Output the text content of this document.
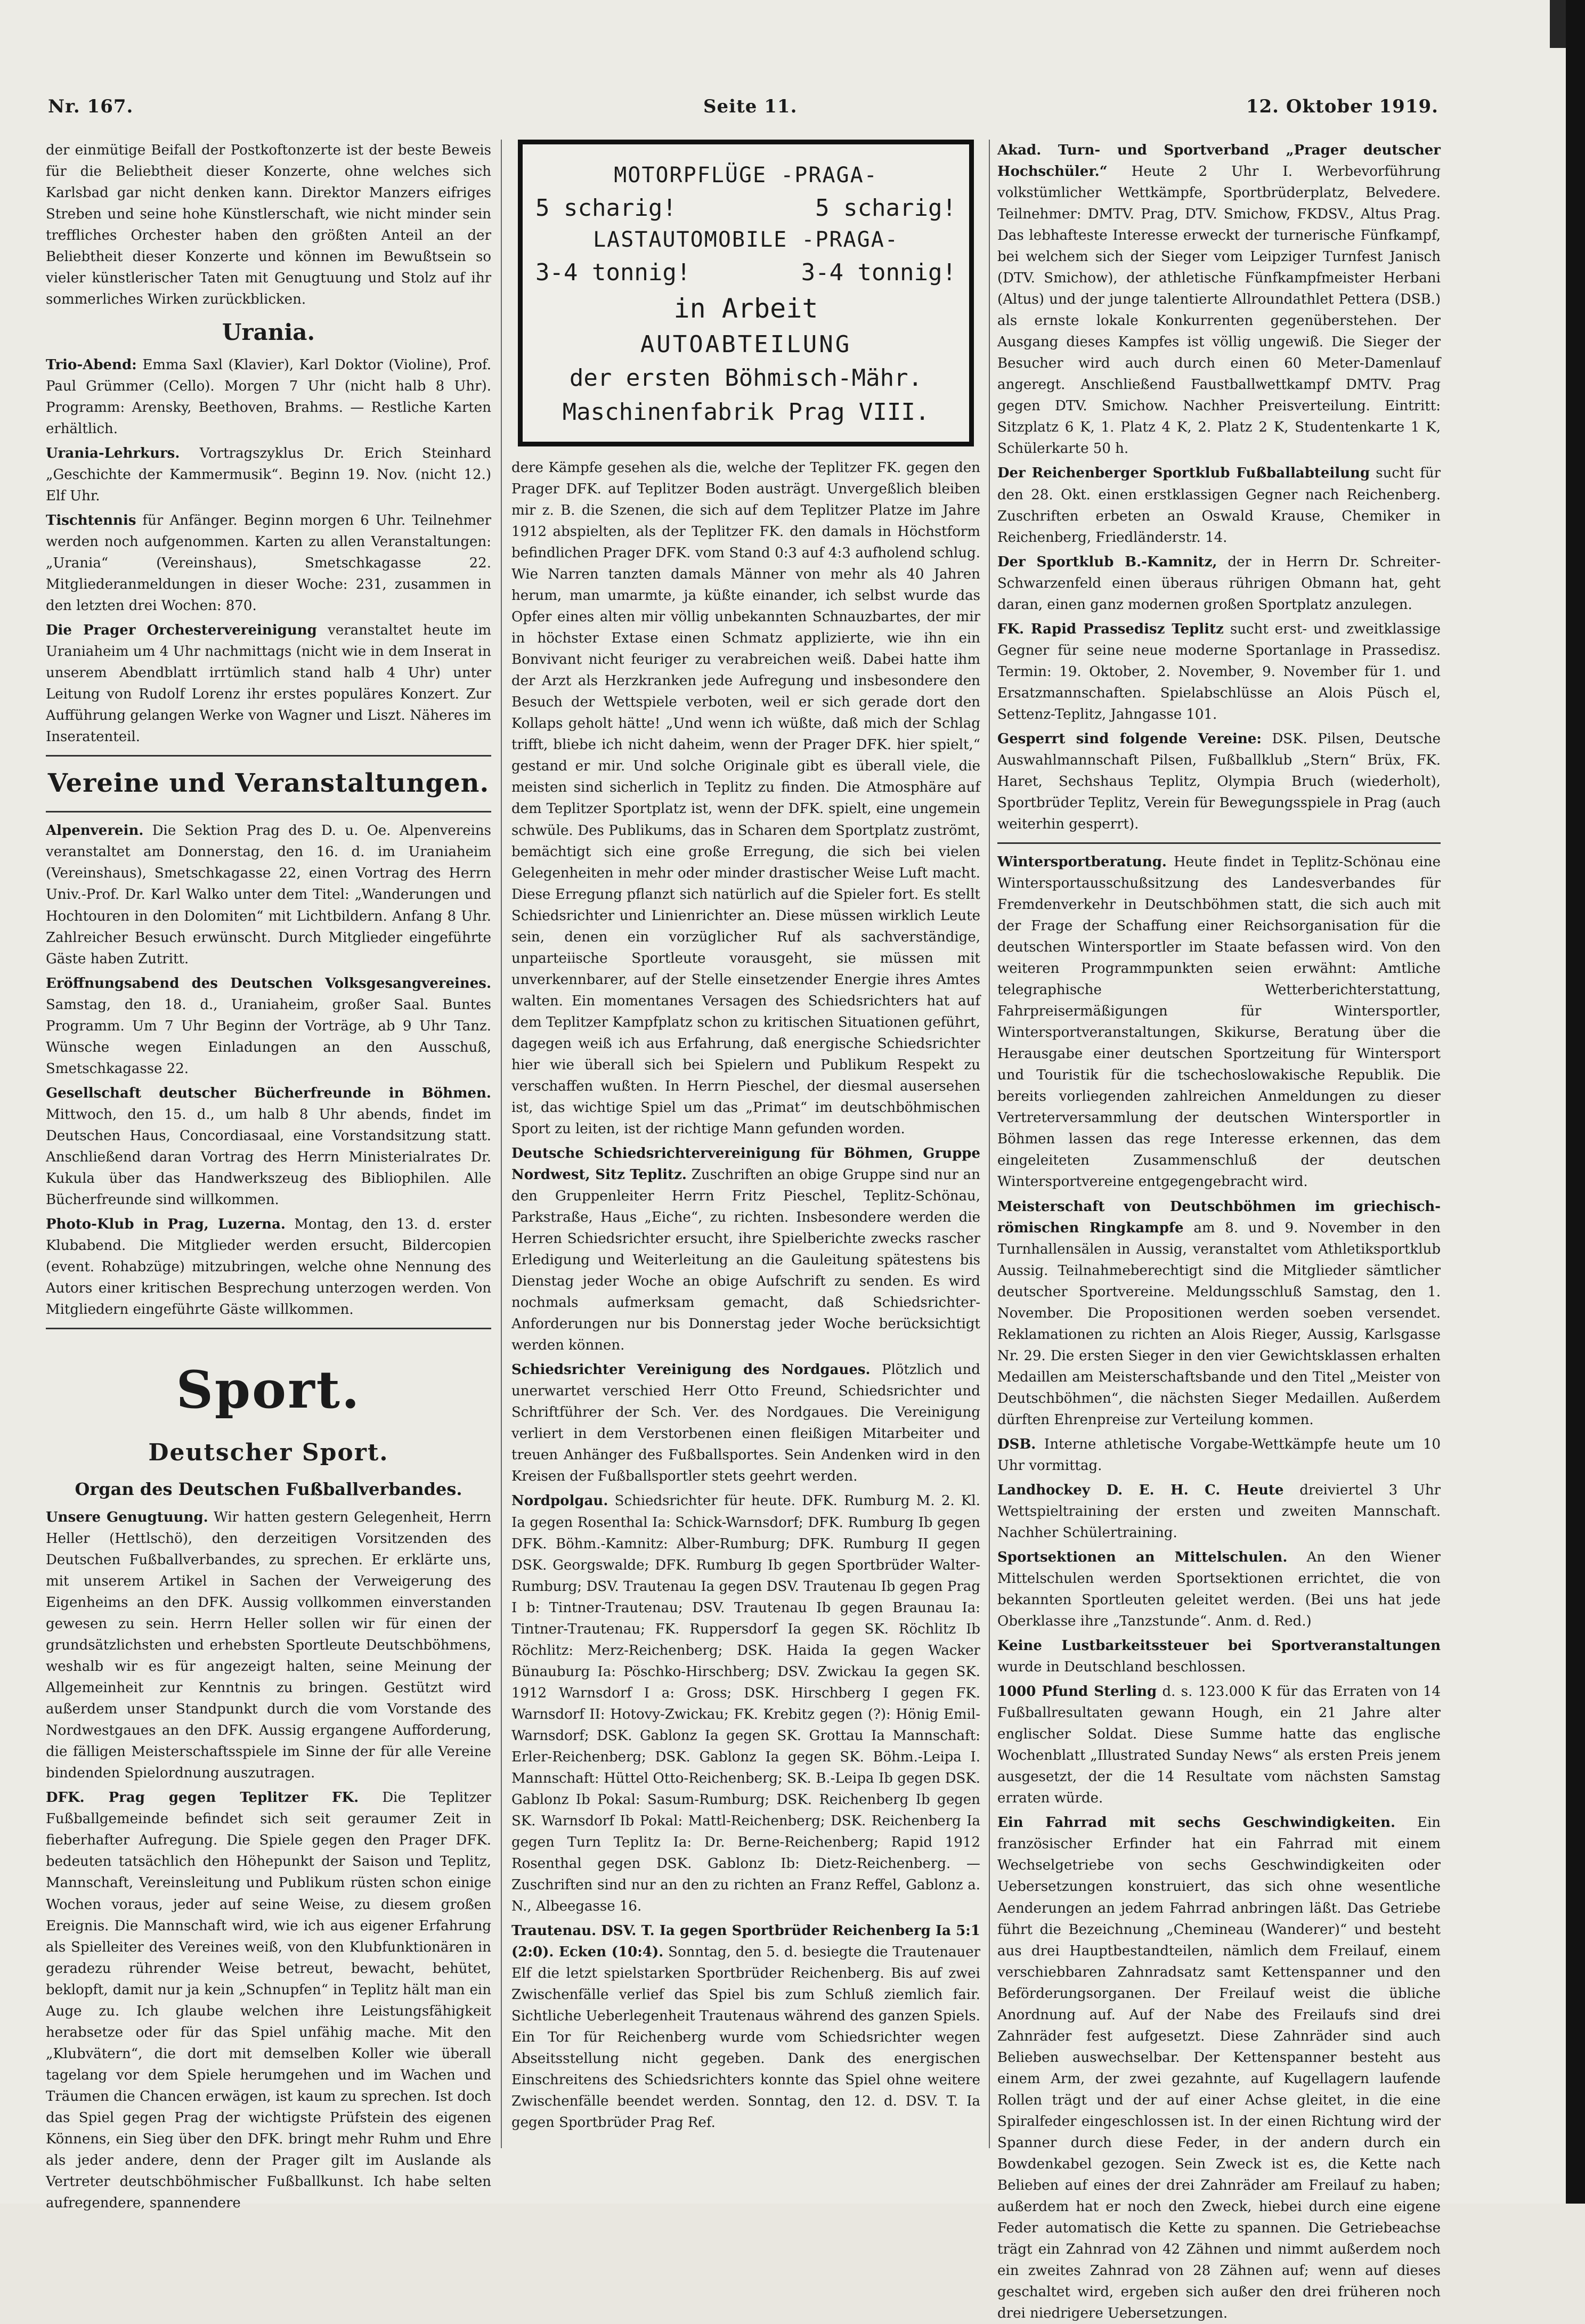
Nr. 167.	Seite 11.	12. Oktober 1919.

der einmütige Beifall der Postkoftonzerte ist der beste Beweis für die Beliebtheit dieser Konzerte, ohne welches sich Karlsbad gar nicht denken kann. Direktor Manzers eifriges Streben und seine hohe Künstlerschaft, wie nicht minder sein treffliches Orchester haben den größten Anteil an der Beliebtheit dieser Konzerte und können im Bewußtsein so vieler künstlerischer Taten mit Genugtuung und Stolz auf ihr sommerliches Wirken zurückblicken.

Urania.

Trio-Abend: Emma Saxl (Klavier), Karl Doktor (Violine), Prof. Paul Grümmer (Cello). Morgen 7 Uhr (nicht halb 8 Uhr). Programm: Arensky, Beethoven, Brahms. — Restliche Karten erhältlich.

Urania-Lehrkurs. Vortragszyklus Dr. Erich Steinhard „Geschichte der Kammermusik“. Beginn 19. Nov. (nicht 12.) Elf Uhr.

Tischtennis für Anfänger. Beginn morgen 6 Uhr. Teilnehmer werden noch aufgenommen. Karten zu allen Veranstaltungen: „Urania“ (Vereinshaus), Smetschkagasse 22. Mitgliederanmeldungen in dieser Woche: 231, zusammen in den letzten drei Wochen: 870.

Die Prager Orchestervereinigung veranstaltet heute im Uraniaheim um 4 Uhr nachmittags (nicht wie in dem Inserat in unserem Abendblatt irrtümlich stand halb 4 Uhr) unter Leitung von Rudolf Lorenz ihr erstes populäres Konzert. Zur Aufführung gelangen Werke von Wagner und Liszt. Näheres im Inseratenteil.

Vereine und Veranstaltungen.

Alpenverein. Die Sektion Prag des D. u. Oe. Alpenvereins veranstaltet am Donnerstag, den 16. d. im Uraniaheim (Vereinshaus), Smetschkagasse 22, einen Vortrag des Herrn Univ.-Prof. Dr. Karl Walko unter dem Titel: „Wanderungen und Hochtouren in den Dolomiten“ mit Lichtbildern. Anfang 8 Uhr. Zahlreicher Besuch erwünscht. Durch Mitglieder eingeführte Gäste haben Zutritt.

Eröffnungsabend des Deutschen Volksgesangvereines. Samstag, den 18. d., Uraniaheim, großer Saal. Buntes Programm. Um 7 Uhr Beginn der Vorträge, ab 9 Uhr Tanz. Wünsche wegen Einladungen an den Ausschuß, Smetschkagasse 22.

Gesellschaft deutscher Bücherfreunde in Böhmen. Mittwoch, den 15. d., um halb 8 Uhr abends, findet im Deutschen Haus, Concordiasaal, eine Vorstandsitzung statt. Anschließend daran Vortrag des Herrn Ministerialrates Dr. Kukula über das Handwerkszeug des Bibliophilen. Alle Bücherfreunde sind willkommen.

Photo-Klub in Prag, Luzerna. Montag, den 13. d. erster Klubabend. Die Mitglieder werden ersucht, Bildercopien (event. Rohabzüge) mitzubringen, welche ohne Nennung des Autors einer kritischen Besprechung unterzogen werden. Von Mitgliedern eingeführte Gäste willkommen.

Sport.
Deutscher Sport.
Organ des Deutschen Fußballverbandes.

Unsere Genugtuung. Wir hatten gestern Gelegenheit, Herrn Heller (Hettlschö), den derzeitigen Vorsitzenden des Deutschen Fußballverbandes, zu sprechen. Er erklärte uns, mit unserem Artikel in Sachen der Verweigerung des Eigenheims an den DFK. Aussig vollkommen einverstanden gewesen zu sein. Herrn Heller sollen wir für einen der grundsätzlichsten und erhebsten Sportleute Deutschböhmens, weshalb wir es für angezeigt halten, seine Meinung der Allgemeinheit zur Kenntnis zu bringen. Gestützt wird außerdem unser Standpunkt durch die vom Vorstande des Nordwestgaues an den DFK. Aussig ergangene Aufforderung, die fälligen Meisterschaftsspiele im Sinne der für alle Vereine bindenden Spielordnung auszutragen.

DFK. Prag gegen Teplitzer FK. Die Teplitzer Fußballgemeinde befindet sich seit geraumer Zeit in fieberhafter Aufregung. Die Spiele gegen den Prager DFK. bedeuten tatsächlich den Höhepunkt der Saison und Teplitz, Mannschaft, Vereinsleitung und Publikum rüsten schon einige Wochen voraus, jeder auf seine Weise, zu diesem großen Ereignis. Die Mannschaft wird, wie ich aus eigener Erfahrung als Spielleiter des Vereines weiß, von den Klubfunktionären in geradezu rührender Weise betreut, bewacht, behütet, beklopft, damit nur ja kein „Schnupfen“ in Teplitz hält man ein Auge zu. Ich glaube welchen ihre Leistungsfähigkeit herabsetze oder für das Spiel unfähig mache. Mit den „Klubvätern“, die dort mit demselben Koller wie überall tagelang vor dem Spiele herumgehen und im Wachen und Träumen die Chancen erwägen, ist kaum zu sprechen. Ist doch das Spiel gegen Prag der wichtigste Prüfstein des eigenen Könnens, ein Sieg über den DFK. bringt mehr Ruhm und Ehre als jeder andere, denn der Prager gilt im Auslande als Vertreter deutschböhmischer Fußballkunst. Ich habe selten aufregendere, spannendere

MOTORPFLÜGE -PRAGA-
5 scharig!	5 scharig!
LASTAUTOMOBILE -PRAGA-
3-4 tonnig!	3-4 tonnig!
in Arbeit
AUTOABTEILUNG
der ersten Böhmisch-Mähr.
Maschinenfabrik Prag VIII.

dere Kämpfe gesehen als die, welche der Teplitzer FK. gegen den Prager DFK. auf Teplitzer Boden austrägt. Unvergeßlich bleiben mir z. B. die Szenen, die sich auf dem Teplitzer Platze im Jahre 1912 abspielten, als der Teplitzer FK. den damals in Höchstform befindlichen Prager DFK. vom Stand 0:3 auf 4:3 aufholend schlug. Wie Narren tanzten damals Männer von mehr als 40 Jahren herum, man umarmte, ja küßte einander, ich selbst wurde das Opfer eines alten mir völlig unbekannten Schnauzbartes, der mir in höchster Extase einen Schmatz applizierte, wie ihn ein Bonvivant nicht feuriger zu verabreichen weiß. Dabei hatte ihm der Arzt als Herzkranken jede Aufregung und insbesondere den Besuch der Wettspiele verboten, weil er sich gerade dort den Kollaps geholt hätte! „Und wenn ich wüßte, daß mich der Schlag trifft, bliebe ich nicht daheim, wenn der Prager DFK. hier spielt,“ gestand er mir. Und solche Originale gibt es überall viele, die meisten sind sicherlich in Teplitz zu finden. Die Atmosphäre auf dem Teplitzer Sportplatz ist, wenn der DFK. spielt, eine ungemein schwüle. Des Publikums, das in Scharen dem Sportplatz zuströmt, bemächtigt sich eine große Erregung, die sich bei vielen Gelegenheiten in mehr oder minder drastischer Weise Luft macht. Diese Erregung pflanzt sich natürlich auf die Spieler fort. Es stellt Schiedsrichter und Linienrichter an. Diese müssen wirklich Leute sein, denen ein vorzüglicher Ruf als sachverständige, unparteiische Sportleute vorausgeht, sie müssen mit unverkennbarer, auf der Stelle einsetzender Energie ihres Amtes walten. Ein momentanes Versagen des Schiedsrichters hat auf dem Teplitzer Kampfplatz schon zu kritischen Situationen geführt, dagegen weiß ich aus Erfahrung, daß energische Schiedsrichter hier wie überall sich bei Spielern und Publikum Respekt zu verschaffen wußten. In Herrn Pieschel, der diesmal ausersehen ist, das wichtige Spiel um das „Primat“ im deutschböhmischen Sport zu leiten, ist der richtige Mann gefunden worden.

Deutsche Schiedsrichtervereinigung für Böhmen, Gruppe Nordwest, Sitz Teplitz. Zuschriften an obige Gruppe sind nur an den Gruppenleiter Herrn Fritz Pieschel, Teplitz-Schönau, Parkstraße, Haus „Eiche“, zu richten. Insbesondere werden die Herren Schiedsrichter ersucht, ihre Spielberichte zwecks rascher Erledigung und Weiterleitung an die Gauleitung spätestens bis Dienstag jeder Woche an obige Aufschrift zu senden. Es wird nochmals aufmerksam gemacht, daß Schiedsrichter-Anforderungen nur bis Donnerstag jeder Woche berücksichtigt werden können.

Schiedsrichter Vereinigung des Nordgaues. Plötzlich und unerwartet verschied Herr Otto Freund, Schiedsrichter und Schriftführer der Sch. Ver. des Nordgaues. Die Vereinigung verliert in dem Verstorbenen einen fleißigen Mitarbeiter und treuen Anhänger des Fußballsportes. Sein Andenken wird in den Kreisen der Fußballsportler stets geehrt werden.

Nordpolgau. Schiedsrichter für heute. DFK. Rumburg M. 2. Kl. Ia gegen Rosenthal Ia: Schick-Warnsdorf; DFK. Rumburg Ib gegen DFK. Böhm.-Kamnitz: Alber-Rumburg; DFK. Rumburg II gegen DSK. Georgswalde; DFK. Rumburg Ib gegen Sportbrüder Walter-Rumburg; DSV. Trautenau Ia gegen DSV. Trautenau Ib gegen Prag I b: Tintner-Trautenau; DSV. Trautenau Ib gegen Braunau Ia: Tintner-Trautenau; FK. Ruppersdorf Ia gegen SK. Röchlitz Ib Röchlitz: Merz-Reichenberg; DSK. Haida Ia gegen Wacker Bünauburg Ia: Pöschko-Hirschberg; DSV. Zwickau Ia gegen SK. 1912 Warnsdorf I a: Gross; DSK. Hirschberg I gegen FK. Warnsdorf II: Hotovy-Zwickau; FK. Krebitz gegen (?): Hönig Emil-Warnsdorf; DSK. Gablonz Ia gegen SK. Grottau Ia Mannschaft: Erler-Reichenberg; DSK. Gablonz Ia gegen SK. Böhm.-Leipa I. Mannschaft: Hüttel Otto-Reichenberg; SK. B.-Leipa Ib gegen DSK. Gablonz Ib Pokal: Sasum-Rumburg; DSK. Reichenberg Ib gegen SK. Warnsdorf Ib Pokal: Mattl-Reichenberg; DSK. Reichenberg Ia gegen Turn Teplitz Ia: Dr. Berne-Reichenberg; Rapid 1912 Rosenthal gegen DSK. Gablonz Ib: Dietz-Reichenberg. — Zuschriften sind nur an den zu richten an Franz Reffel, Gablonz a. N., Albeegasse 16.

Trautenau. DSV. T. Ia gegen Sportbrüder Reichenberg Ia 5:1 (2:0). Ecken (10:4). Sonntag, den 5. d. besiegte die Trautenauer Elf die letzt spielstarken Sportbrüder Reichenberg. Bis auf zwei Zwischenfälle verlief das Spiel bis zum Schluß ziemlich fair. Sichtliche Ueberlegenheit Trautenaus während des ganzen Spiels. Ein Tor für Reichenberg wurde vom Schiedsrichter wegen Abseitsstellung nicht gegeben. Dank des energischen Einschreitens des Schiedsrichters konnte das Spiel ohne weitere Zwischenfälle beendet werden. Sonntag, den 12. d. DSV. T. Ia gegen Sportbrüder Prag Ref.

Akad. Turn- und Sportverband „Prager deutscher Hochschüler.“ Heute 2 Uhr I. Werbevorführung volkstümlicher Wettkämpfe, Sportbrüderplatz, Belvedere. Teilnehmer: DMTV. Prag, DTV. Smichow, FKDSV., Altus Prag. Das lebhafteste Interesse erweckt der turnerische Fünfkampf, bei welchem sich der Sieger vom Leipziger Turnfest Janisch (DTV. Smichow), der athletische Fünfkampfmeister Herbani (Altus) und der junge talentierte Allroundathlet Pettera (DSB.) als ernste lokale Konkurrenten gegenüberstehen. Der Ausgang dieses Kampfes ist völlig ungewiß. Die Sieger der Besucher wird auch durch einen 60 Meter-Damenlauf angeregt. Anschließend Faustballwettkampf DMTV. Prag gegen DTV. Smichow. Nachher Preisverteilung. Eintritt: Sitzplatz 6 K, 1. Platz 4 K, 2. Platz 2 K, Studentenkarte 1 K, Schülerkarte 50 h.

Der Reichenberger Sportklub Fußballabteilung sucht für den 28. Okt. einen erstklassigen Gegner nach Reichenberg. Zuschriften erbeten an Oswald Krause, Chemiker in Reichenberg, Friedländerstr. 14.

Der Sportklub B.-Kamnitz, der in Herrn Dr. Schreiter-Schwarzenfeld einen überaus rührigen Obmann hat, geht daran, einen ganz modernen großen Sportplatz anzulegen.

FK. Rapid Prassedisz Teplitz sucht erst- und zweitklassige Gegner für seine neue moderne Sportanlage in Prassedisz. Termin: 19. Oktober, 2. November, 9. November für 1. und Ersatzmannschaften. Spielabschlüsse an Alois Püsch el, Settenz-Teplitz, Jahngasse 101.

Gesperrt sind folgende Vereine: DSK. Pilsen, Deutsche Auswahlmannschaft Pilsen, Fußballklub „Stern“ Brüx, FK. Haret, Sechshaus Teplitz, Olympia Bruch (wiederholt), Sportbrüder Teplitz, Verein für Bewegungsspiele in Prag (auch weiterhin gesperrt).

Wintersportberatung. Heute findet in Teplitz-Schönau eine Wintersportausschußsitzung des Landesverbandes für Fremdenverkehr in Deutschböhmen statt, die sich auch mit der Frage der Schaffung einer Reichsorganisation für die deutschen Wintersportler im Staate befassen wird. Von den weiteren Programmpunkten seien erwähnt: Amtliche telegraphische Wetterberichterstattung, Fahrpreisermäßigungen für Wintersportler, Wintersportveranstaltungen, Skikurse, Beratung über die Herausgabe einer deutschen Sportzeitung für Wintersport und Touristik für die tschechoslowakische Republik. Die bereits vorliegenden zahlreichen Anmeldungen zu dieser Vertreterversammlung der deutschen Wintersportler in Böhmen lassen das rege Interesse erkennen, das dem eingeleiteten Zusammenschluß der deutschen Wintersportvereine entgegengebracht wird.

Meisterschaft von Deutschböhmen im griechisch-römischen Ringkampfe am 8. und 9. November in den Turnhallensälen in Aussig, veranstaltet vom Athletiksportklub Aussig. Teilnahmeberechtigt sind die Mitglieder sämtlicher deutscher Sportvereine. Meldungsschluß Samstag, den 1. November. Die Propositionen werden soeben versendet. Reklamationen zu richten an Alois Rieger, Aussig, Karlsgasse Nr. 29. Die ersten Sieger in den vier Gewichtsklassen erhalten Medaillen am Meisterschaftsbande und den Titel „Meister von Deutschböhmen“, die nächsten Sieger Medaillen. Außerdem dürften Ehrenpreise zur Verteilung kommen.

DSB. Interne athletische Vorgabe-Wettkämpfe heute um 10 Uhr vormittag.

Landhockey D. E. H. C. Heute dreiviertel 3 Uhr Wettspieltraining der ersten und zweiten Mannschaft. Nachher Schülertraining.

Sportsektionen an Mittelschulen. An den Wiener Mittelschulen werden Sportsektionen errichtet, die von bekannten Sportleuten geleitet werden. (Bei uns hat jede Oberklasse ihre „Tanzstunde“. Anm. d. Red.)

Keine Lustbarkeitssteuer bei Sportveranstaltungen wurde in Deutschland beschlossen.

1000 Pfund Sterling d. s. 123.000 K für das Erraten von 14 Fußballresultaten gewann Hough, ein 21 Jahre alter englischer Soldat. Diese Summe hatte das englische Wochenblatt „Illustrated Sunday News“ als ersten Preis jenem ausgesetzt, der die 14 Resultate vom nächsten Samstag erraten würde.

Ein Fahrrad mit sechs Geschwindigkeiten. Ein französischer Erfinder hat ein Fahrrad mit einem Wechselgetriebe von sechs Geschwindigkeiten oder Uebersetzungen konstruiert, das sich ohne wesentliche Aenderungen an jedem Fahrrad anbringen läßt. Das Getriebe führt die Bezeichnung „Chemineau (Wanderer)“ und besteht aus drei Hauptbestandteilen, nämlich dem Freilauf, einem verschiebbaren Zahnradsatz samt Kettenspanner und den Beförderungsorganen. Der Freilauf weist die übliche Anordnung auf. Auf der Nabe des Freilaufs sind drei Zahnräder fest aufgesetzt. Diese Zahnräder sind auch Belieben auswechselbar. Der Kettenspanner besteht aus einem Arm, der zwei gezahnte, auf Kugellagern laufende Rollen trägt und der auf einer Achse gleitet, in die eine Spiralfeder eingeschlossen ist. In der einen Richtung wird der Spanner durch diese Feder, in der andern durch ein Bowdenkabel gezogen. Sein Zweck ist es, die Kette nach Belieben auf eines der drei Zahnräder am Freilauf zu haben; außerdem hat er noch den Zweck, hiebei durch eine eigene Feder automatisch die Kette zu spannen. Die Getriebeachse trägt ein Zahnrad von 42 Zähnen und nimmt außerdem noch ein zweites Zahnrad von 28 Zähnen auf; wenn auf dieses geschaltet wird, ergeben sich außer den drei früheren noch drei niedrigere Uebersetzungen.
